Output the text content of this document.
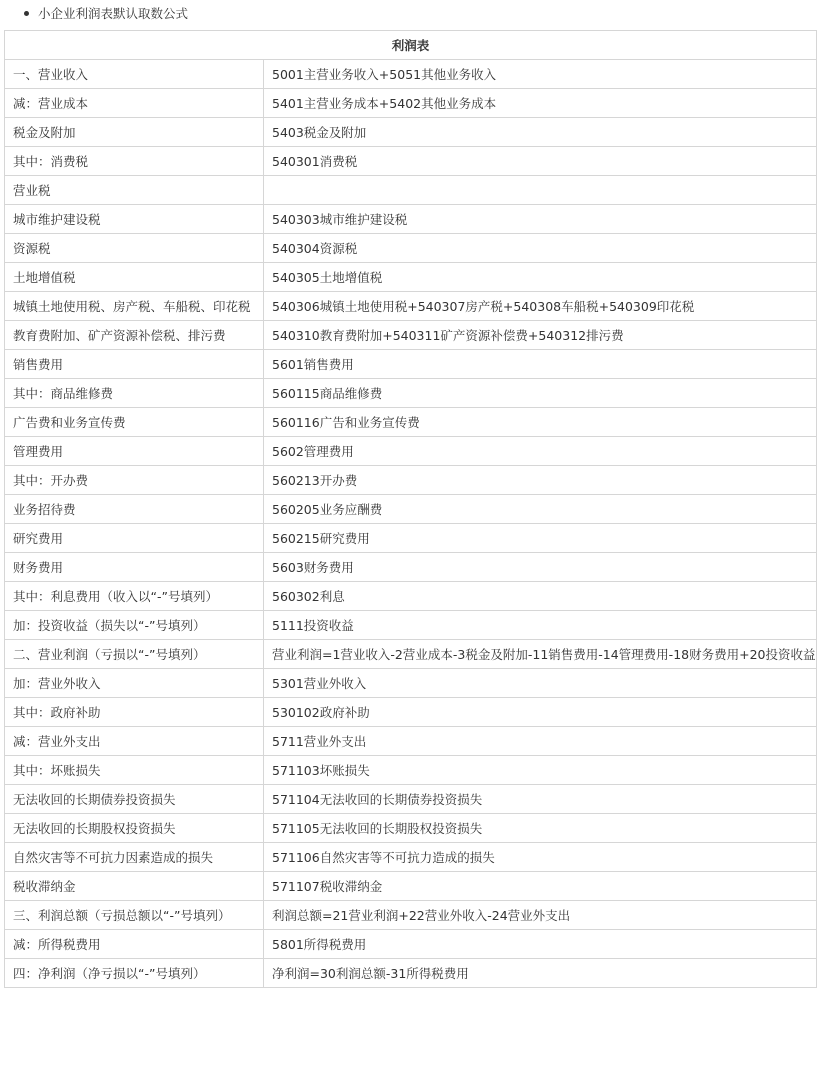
小企业利润表默认取数公式
利润表	
一、营业收入	5001主营业务收入+5051其他业务收入
减：营业成本	5401主营业务成本+5402其他业务成本
税金及附加	5403税金及附加
其中：消费税	540301消费税
营业税	
城市维护建设税	540303城市维护建设税
资源税	540304资源税
土地增值税	540305土地增值税
城镇土地使用税、房产税、车船税、印花税	540306城镇土地使用税+540307房产税+540308车船税+540309印花税
教育费附加、矿产资源补偿税、排污费	540310教育费附加+540311矿产资源补偿费+540312排污费
销售费用	5601销售费用
其中：商品维修费	560115商品维修费
广告费和业务宣传费	560116广告和业务宣传费
管理费用	5602管理费用
其中：开办费	560213开办费
业务招待费	560205业务应酬费
研究费用	560215研究费用
财务费用	5603财务费用
其中：利息费用（收入以“-”号填列）	560302利息
加：投资收益（损失以“-”号填列）	5111投资收益
二、营业利润（亏损以“-”号填列）	营业利润=1营业收入-2营业成本-3税金及附加-11销售费用-14管理费用-18财务费用+20投资收益
加：营业外收入	5301营业外收入
其中：政府补助	530102政府补助
减：营业外支出	5711营业外支出
其中：坏账损失	571103坏账损失
无法收回的长期债券投资损失	571104无法收回的长期债券投资损失
无法收回的长期股权投资损失	571105无法收回的长期股权投资损失
自然灾害等不可抗力因素造成的损失	571106自然灾害等不可抗力造成的损失
税收滞纳金	571107税收滞纳金
三、利润总额（亏损总额以“-”号填列）	利润总额=21营业利润+22营业外收入-24营业外支出
减：所得税费用	5801所得税费用
四：净利润（净亏损以“-”号填列）	净利润=30利润总额-31所得税费用
